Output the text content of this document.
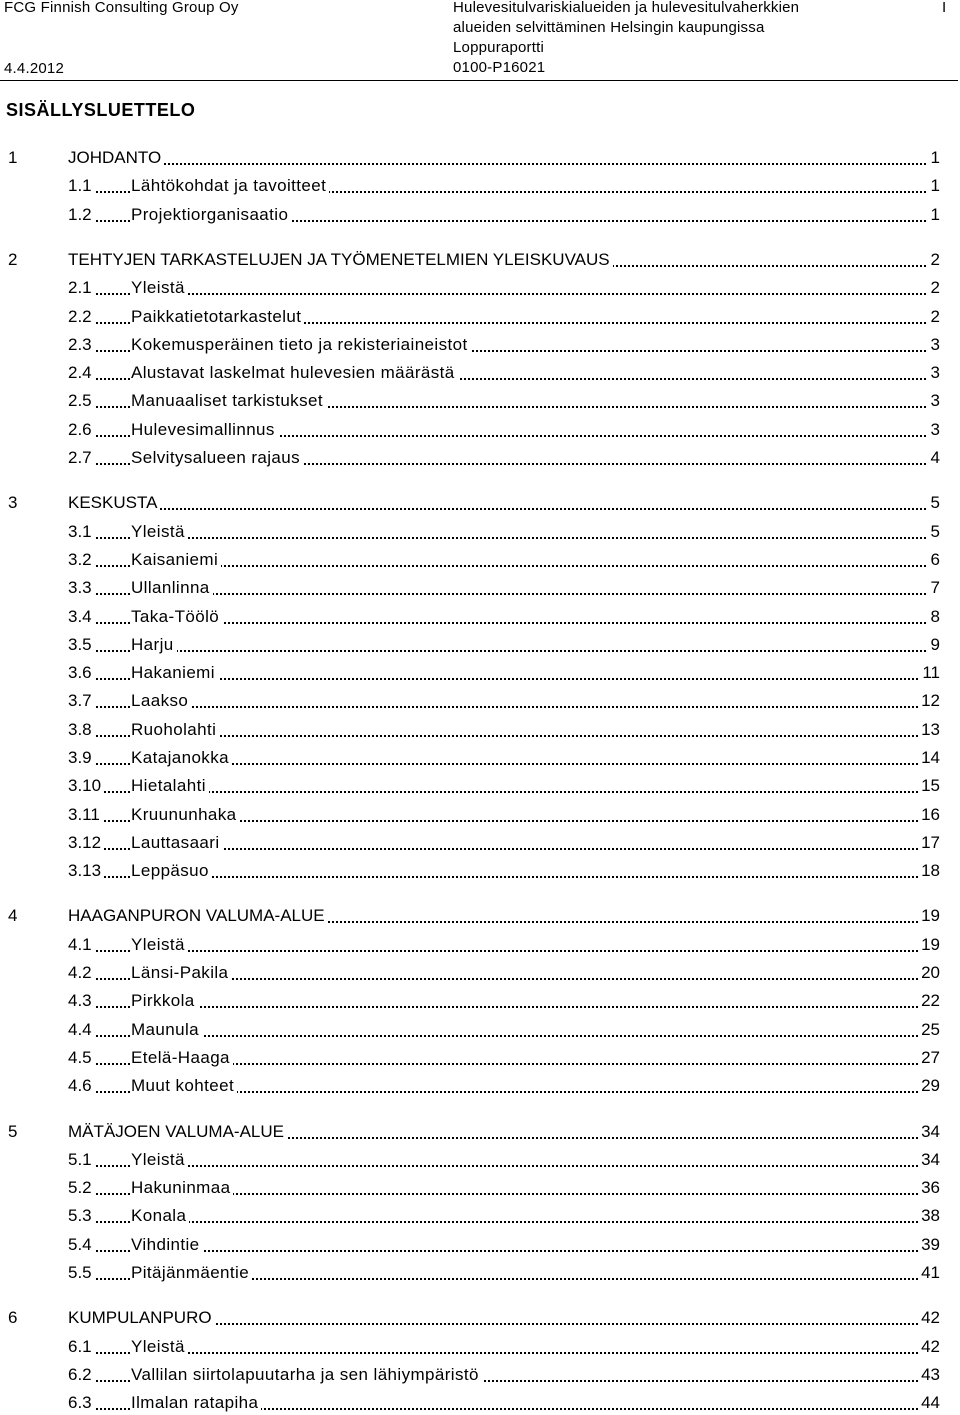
FCG Finnish Consulting Group Oy
4.4.2012
Hulevesitulvariskialueiden ja hulevesitulvaherkkien
alueiden selvittäminen Helsingin kaupungissa
Loppuraportti
0100-P16021
I
SISÄLLYSLUETTELO
1	JOHDANTO	1
1.1 Lähtökohdat ja tavoitteet	1
1.2 Projektiorganisaatio	1
2	TEHTYJEN TARKASTELUJEN JA TYÖMENETELMIEN YLEISKUVAUS	2
2.1 Yleistä	2
2.2 Paikkatietotarkastelut	2
2.3 Kokemusperäinen tieto ja rekisteriaineistot	3
2.4 Alustavat laskelmat hulevesien määrästä	3
2.5 Manuaaliset tarkistukset	3
2.6 Hulevesimallinnus	3
2.7 Selvitysalueen rajaus	4
3	KESKUSTA	5
3.1 Yleistä	5
3.2 Kaisaniemi	6
3.3 Ullanlinna	7
3.4 Taka-Töölö	8
3.5 Harju	9
3.6 Hakaniemi	11
3.7 Laakso	12
3.8 Ruoholahti	13
3.9 Katajanokka	14
3.10 Hietalahti	15
3.11 Kruununhaka	16
3.12 Lauttasaari	17
3.13 Leppäsuo	18
4	HAAGANPURON VALUMA-ALUE	19
4.1 Yleistä	19
4.2 Länsi-Pakila	20
4.3 Pirkkola	22
4.4 Maunula	25
4.5 Etelä-Haaga	27
4.6 Muut kohteet	29
5	MÄTÄJOEN VALUMA-ALUE	34
5.1 Yleistä	34
5.2 Hakuninmaa	36
5.3 Konala	38
5.4 Vihdintie	39
5.5 Pitäjänmäentie	41
6	KUMPULANPURO	42
6.1 Yleistä	42
6.2 Vallilan siirtolapuutarha ja sen lähiympäristö	43
6.3 Ilmalan ratapiha	44
